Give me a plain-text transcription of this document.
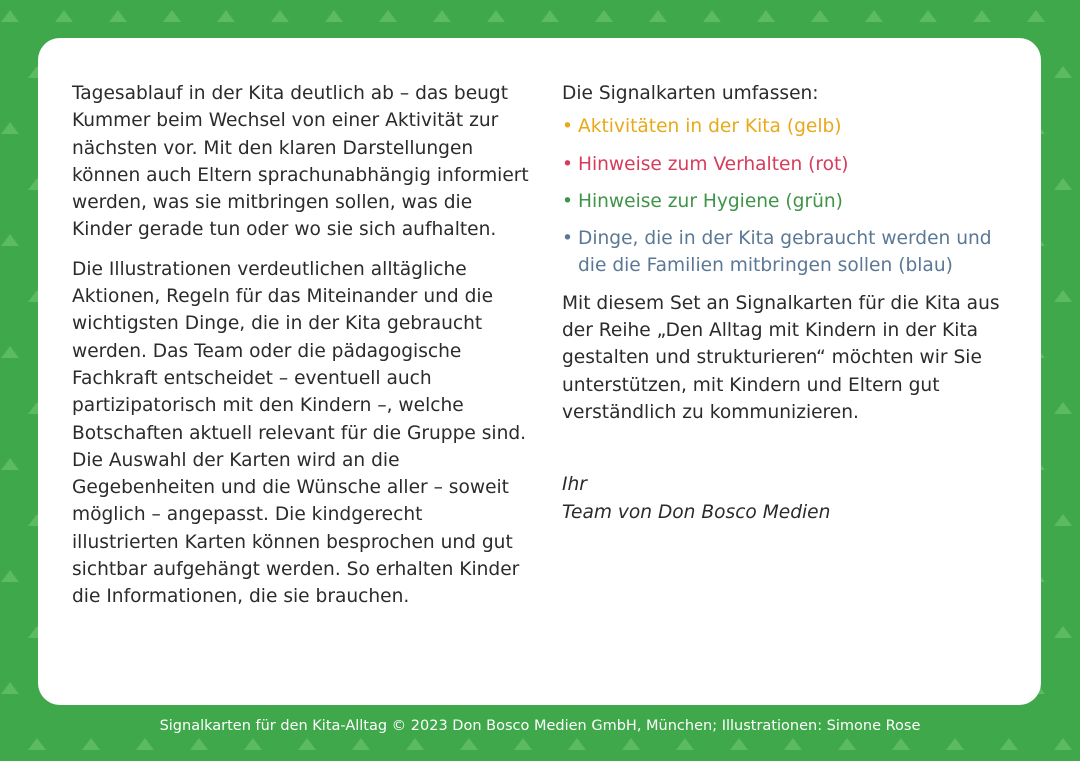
Tagesablauf in der Kita deutlich ab – das beugt Kummer beim Wechsel von einer Aktivität zur nächsten vor. Mit den klaren Darstellungen können auch Eltern sprachunabhängig informiert werden, was sie mitbringen sollen, was die Kinder gerade tun oder wo sie sich aufhalten.

Die Illustrationen verdeutlichen alltägliche Aktionen, Regeln für das Miteinander und die wichtigsten Dinge, die in der Kita gebraucht werden. Das Team oder die pädagogische Fachkraft entscheidet – eventuell auch partizipatorisch mit den Kindern –, welche Botschaften aktuell relevant für die Gruppe sind. Die Auswahl der Karten wird an die Gegebenheiten und die Wünsche aller – soweit möglich – angepasst. Die kindgerecht illustrierten Karten können besprochen und gut sichtbar aufgehängt werden. So erhalten Kinder die Informationen, die sie brauchen.

Die Signalkarten umfassen:

• Aktivitäten in der Kita (gelb)
• Hinweise zum Verhalten (rot)
• Hinweise zur Hygiene (grün)
• Dinge, die in der Kita gebraucht werden und die die Familien mitbringen sollen (blau)

Mit diesem Set an Signalkarten für die Kita aus der Reihe „Den Alltag mit Kindern in der Kita gestalten und strukturieren“ möchten wir Sie unterstützen, mit Kindern und Eltern gut verständlich zu kommunizieren.

Ihr
Team von Don Bosco Medien
Signalkarten für den Kita-Alltag © 2023 Don Bosco Medien GmbH, München; Illustrationen: Simone Rose
